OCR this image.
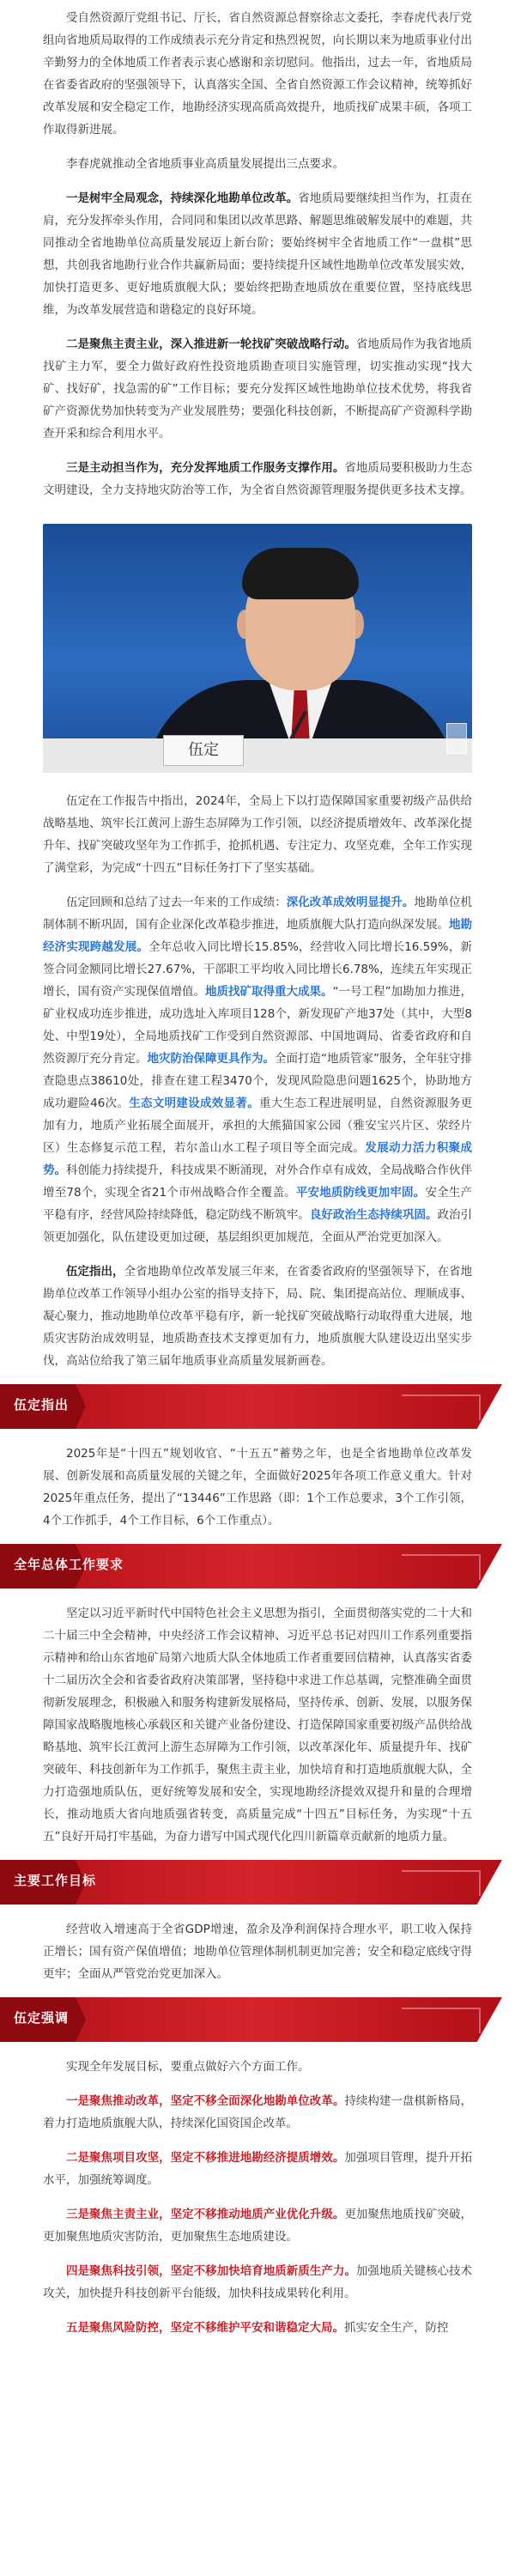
受自然资源厅党组书记、厅长，省自然资源总督察徐志文委托，李春虎代表厅党组向省地质局取得的工作成绩表示充分肯定和热烈祝贺，向长期以来为地质事业付出辛勤努力的全体地质工作者表示衷心感谢和亲切慰问。他指出，过去一年，省地质局在省委省政府的坚强领导下，认真落实全国、全省自然资源工作会议精神，统筹抓好改革发展和安全稳定工作，地勘经济实现高质高效提升，地质找矿成果丰硕，各项工作取得新进展。

李春虎就推动全省地质事业高质量发展提出三点要求。

一是树牢全局观念，持续深化地勘单位改革。省地质局要继续担当作为，扛责在肩，充分发挥牵头作用，合同同和集团以改革思路、解题思维破解发展中的难题，共同推动全省地勘单位高质量发展迈上新台阶；要始终树牢全省地质工作“一盘棋”思想，共创我省地勘行业合作共赢新局面；要持续提升区域性地勘单位改革发展实效，加快打造更多、更好地质旗舰大队；要始终把勘查地质放在重要位置，坚持底线思维，为改革发展营造和谐稳定的良好环境。

二是聚焦主责主业，深入推进新一轮找矿突破战略行动。省地质局作为我省地质找矿主力军，要全力做好政府性投资地质勘查项目实施管理，切实推动实现“找大矿、找好矿，找急需的矿”工作目标；要充分发挥区域性地勘单位技术优势，将我省矿产资源优势加快转变为产业发展胜势；要强化科技创新，不断提高矿产资源科学勘查开采和综合利用水平。

三是主动担当作为，充分发挥地质工作服务支撑作用。省地质局要积极助力生态文明建设，全力支持地灾防治等工作，为全省自然资源管理服务提供更多技术支撑。

伍定

伍定在工作报告中指出，2024年，全局上下以打造保障国家重要初级产品供给战略基地、筑牢长江黄河上游生态屏障为工作引领，以经济提质增效年、改革深化提升年、找矿突破攻坚年为工作抓手，抢抓机遇、专注定力、攻坚克难，全年工作实现了满堂彩，为完成“十四五”目标任务打下了坚实基础。

伍定回顾和总结了过去一年来的工作成绩：深化改革成效明显提升。地勘单位机制体制不断巩固，国有企业深化改革稳步推进，地质旗舰大队打造向纵深发展。地勘经济实现跨越发展。全年总收入同比增长15.85%，经营收入同比增长16.59%，新签合同金额同比增长27.67%，干部职工平均收入同比增长6.78%，连续五年实现正增长，国有资产实现保值增值。地质找矿取得重大成果。“一号工程”加勘加力推进，矿业权成功连步推进，成功选址入库项目128个，新发现矿产地37处（其中，大型8处、中型19处），全局地质找矿工作受到自然资源部、中国地调局、省委省政府和自然资源厅充分肯定。地灾防治保障更具作为。全面打造“地质管家”服务，全年驻守排查隐患点38610处，排查在建工程3470个，发现风险隐患问题1625个，协助地方成功避险46次。生态文明建设成效显著。重大生态工程进展明显，自然资源服务更加有力，地质产业拓展全面展开，承担的大熊猫国家公园（雅安宝兴片区、荥经片区）生态修复示范工程，若尔盖山水工程子项目等全面完成。发展动力活力积聚成势。科创能力持续提升，科技成果不断涌现，对外合作卓有成效，全局战略合作伙伴增至78个，实现全省21个市州战略合作全覆盖。平安地质防线更加牢固。安全生产平稳有序，经营风险持续降低，稳定防线不断筑牢。良好政治生态持续巩固。政治引领更加强化，队伍建设更加过硬，基层组织更加规范，全面从严治党更加深入。

伍定指出，全省地勘单位改革发展三年来，在省委省政府的坚强领导下，在省地勘单位改革工作领导小组办公室的指导支持下，局、院、集团提高站位、理顺成事、凝心聚力，推动地勘单位改革平稳有序，新一轮找矿突破战略行动取得重大进展，地质灾害防治成效明显，地质勘查技术支撑更加有力，地质旗舰大队建设迈出坚实步伐，高站位给我了第三届年地质事业高质量发展新画卷。

伍定指出

2025年是“十四五”规划收官、“十五五”蓄势之年，也是全省地勘单位改革发展、创新发展和高质量发展的关键之年，全面做好2025年各项工作意义重大。针对2025年重点任务，提出了“13446”工作思路（即：1个工作总要求，3个工作引领，4个工作抓手，4个工作目标，6个工作重点）。

全年总体工作要求

坚定以习近平新时代中国特色社会主义思想为指引，全面贯彻落实党的二十大和二十届三中全会精神，中央经济工作会议精神、习近平总书记对四川工作系列重要指示精神和给山东省地矿局第六地质大队全体地质工作者重要回信精神，认真落实省委十二届历次全会和省委省政府决策部署，坚持稳中求进工作总基调，完整准确全面贯彻新发展理念，积极融入和服务构建新发展格局，坚持传承、创新、发展，以服务保障国家战略腹地核心承载区和关键产业备份建设、打造保障国家重要初级产品供给战略基地、筑牢长江黄河上游生态屏障为工作引领，以改革深化年、质量提升年、找矿突破年、科技创新年为工作抓手，聚焦主责主业，加快培育和打造地质旗舰大队，全力打造强地质队伍，更好统筹发展和安全，实现地勘经济提效双提升和量的合理增长，推动地质大省向地质强省转变，高质量完成“十四五”目标任务，为实现“十五五”良好开局打牢基础，为奋力谱写中国式现代化四川新篇章贡献新的地质力量。

主要工作目标

经营收入增速高于全省GDP增速，盈余及净利润保持合理水平，职工收入保持正增长；国有资产保值增值；地勘单位管理体制机制更加完善；安全和稳定底线守得更牢；全面从严管党治党更加深入。

伍定强调

实现全年发展目标，要重点做好六个方面工作。

一是聚焦推动改革，坚定不移全面深化地勘单位改革。持续构建一盘棋新格局，着力打造地质旗舰大队，持续深化国资国企改革。

二是聚焦项目攻坚，坚定不移推进地勘经济提质增效。加强项目管理，提升开拓水平，加强统筹调度。

三是聚焦主责主业，坚定不移推动地质产业优化升级。更加聚焦地质找矿突破，更加聚焦地质灾害防治，更加聚焦生态地质建设。

四是聚焦科技引领，坚定不移加快培育地质新质生产力。加强地质关键核心技术攻关，加快提升科技创新平台能级，加快科技成果转化利用。

五是聚焦风险防控，坚定不移维护平安和谐稳定大局。抓实安全生产，防控
